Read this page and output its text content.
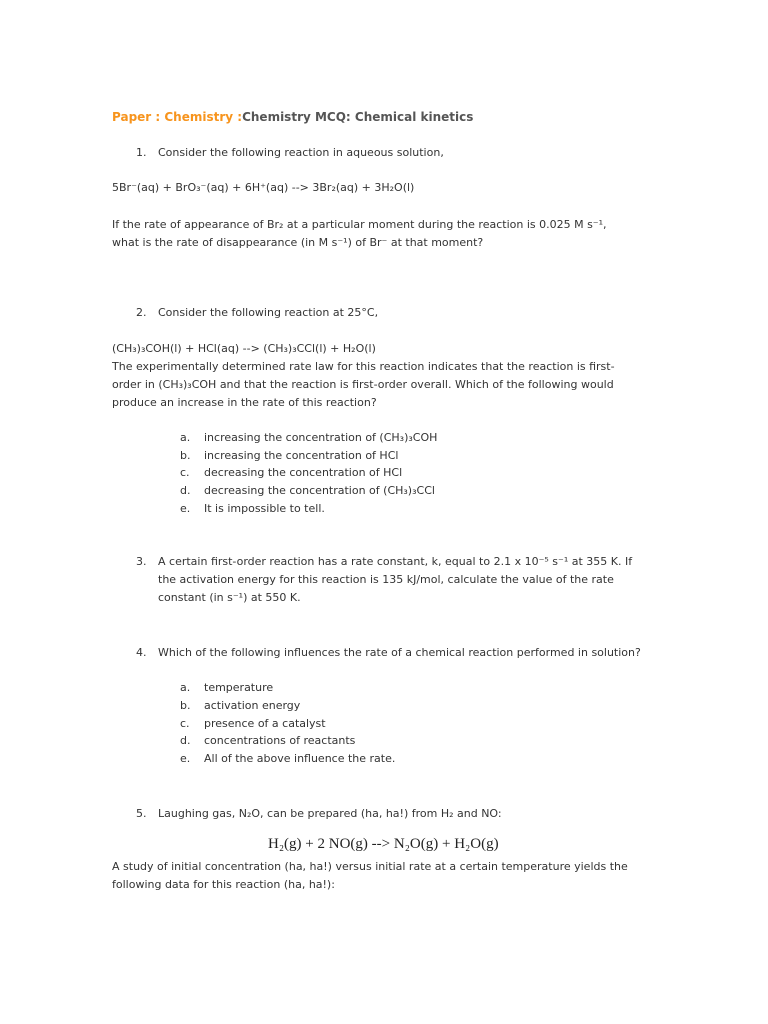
Paper : Chemistry :Chemistry MCQ: Chemical kinetics
1. Consider the following reaction in aqueous solution,
5Br⁻(aq) + BrO₃⁻(aq) + 6H⁺(aq) --> 3Br₂(aq) + 3H₂O(l)
If the rate of appearance of Br₂ at a particular moment during the reaction is 0.025 M s⁻¹,
what is the rate of disappearance (in M s⁻¹) of Br⁻ at that moment?
2. Consider the following reaction at 25°C,
(CH₃)₃COH(l) + HCl(aq) --> (CH₃)₃CCl(l) + H₂O(l)
The experimentally determined rate law for this reaction indicates that the reaction is first-
order in (CH₃)₃COH and that the reaction is first-order overall. Which of the following would
produce an increase in the rate of this reaction?
a. increasing the concentration of (CH₃)₃COH
b. increasing the concentration of HCl
c. decreasing the concentration of HCl
d. decreasing the concentration of (CH₃)₃CCl
e. It is impossible to tell.
3. A certain first-order reaction has a rate constant, k, equal to 2.1 x 10⁻⁵ s⁻¹ at 355 K. If
the activation energy for this reaction is 135 kJ/mol, calculate the value of the rate
constant (in s⁻¹) at 550 K.
4. Which of the following influences the rate of a chemical reaction performed in solution?
a. temperature
b. activation energy
c. presence of a catalyst
d. concentrations of reactants
e. All of the above influence the rate.
5. Laughing gas, N₂O, can be prepared (ha, ha!) from H₂ and NO:
H₂(g) + 2 NO(g) --> N₂O(g) + H₂O(g)
A study of initial concentration (ha, ha!) versus initial rate at a certain temperature yields the
following data for this reaction (ha, ha!):
